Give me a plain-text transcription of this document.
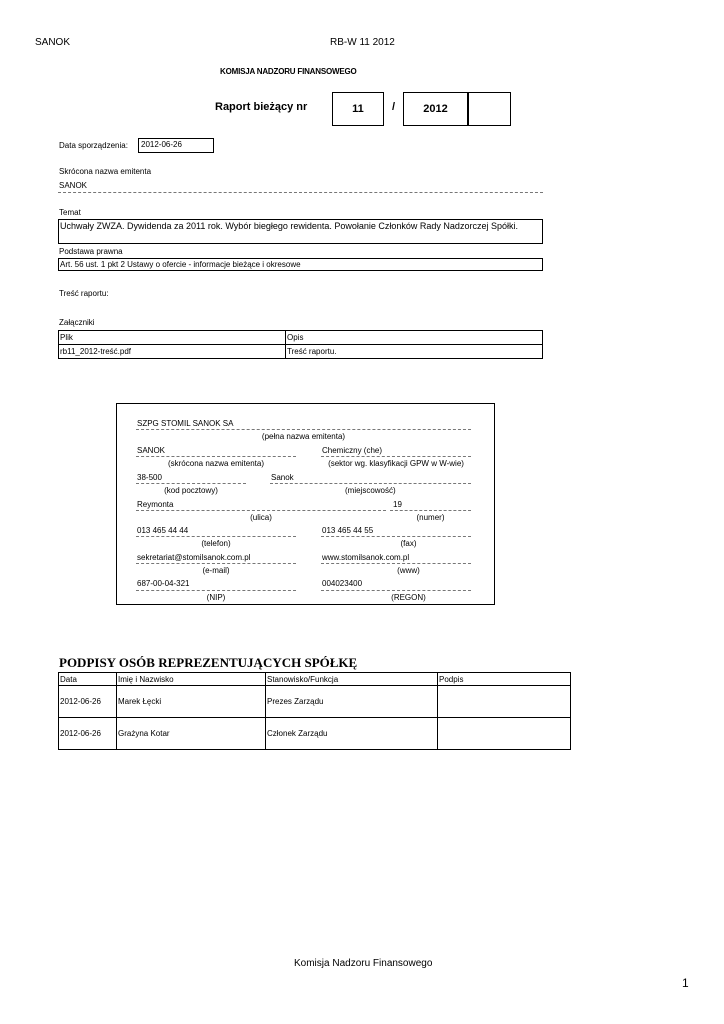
SANOK	RB-W 11 2012
KOMISJA NADZORU FINANSOWEGO
Raport bieżący nr	11	/	2012
Data sporządzenia:	2012-06-26
Skrócona nazwa emitenta
SANOK
Temat
Uchwały ZWZA. Dywidenda za 2011 rok. Wybór biegłego rewidenta. Powołanie Członków Rady Nadzorczej Spółki.
Podstawa prawna
Art. 56 ust. 1 pkt 2 Ustawy o ofercie - informacje bieżące i okresowe
Treść raportu:
Załączniki
Plik	Opis
rb11_2012-treść.pdf	Treść raportu.
SZPG STOMIL SANOK SA
(pełna nazwa emitenta)
SANOK
(skrócona nazwa emitenta)
Chemiczny (che)
(sektor wg. klasyfikacji GPW w W-wie)
38-500
(kod pocztowy)
Sanok
(miejscowość)
Reymonta
(ulica)
19
(numer)
013 465 44 44
(telefon)
013 465 44 55
(fax)
sekretariat@stomilsanok.com.pl
(e-mail)
www.stomilsanok.com.pl
(www)
687-00-04-321
(NIP)
004023400
(REGON)
PODPISY OSÓB REPREZENTUJĄCYCH SPÓŁKĘ
Data	Imię i Nazwisko	Stanowisko/Funkcja	Podpis
2012-06-26	Marek Łęcki	Prezes Zarządu	
2012-06-26	Grażyna Kotar	Członek Zarządu	
Komisja Nadzoru Finansowego
1
